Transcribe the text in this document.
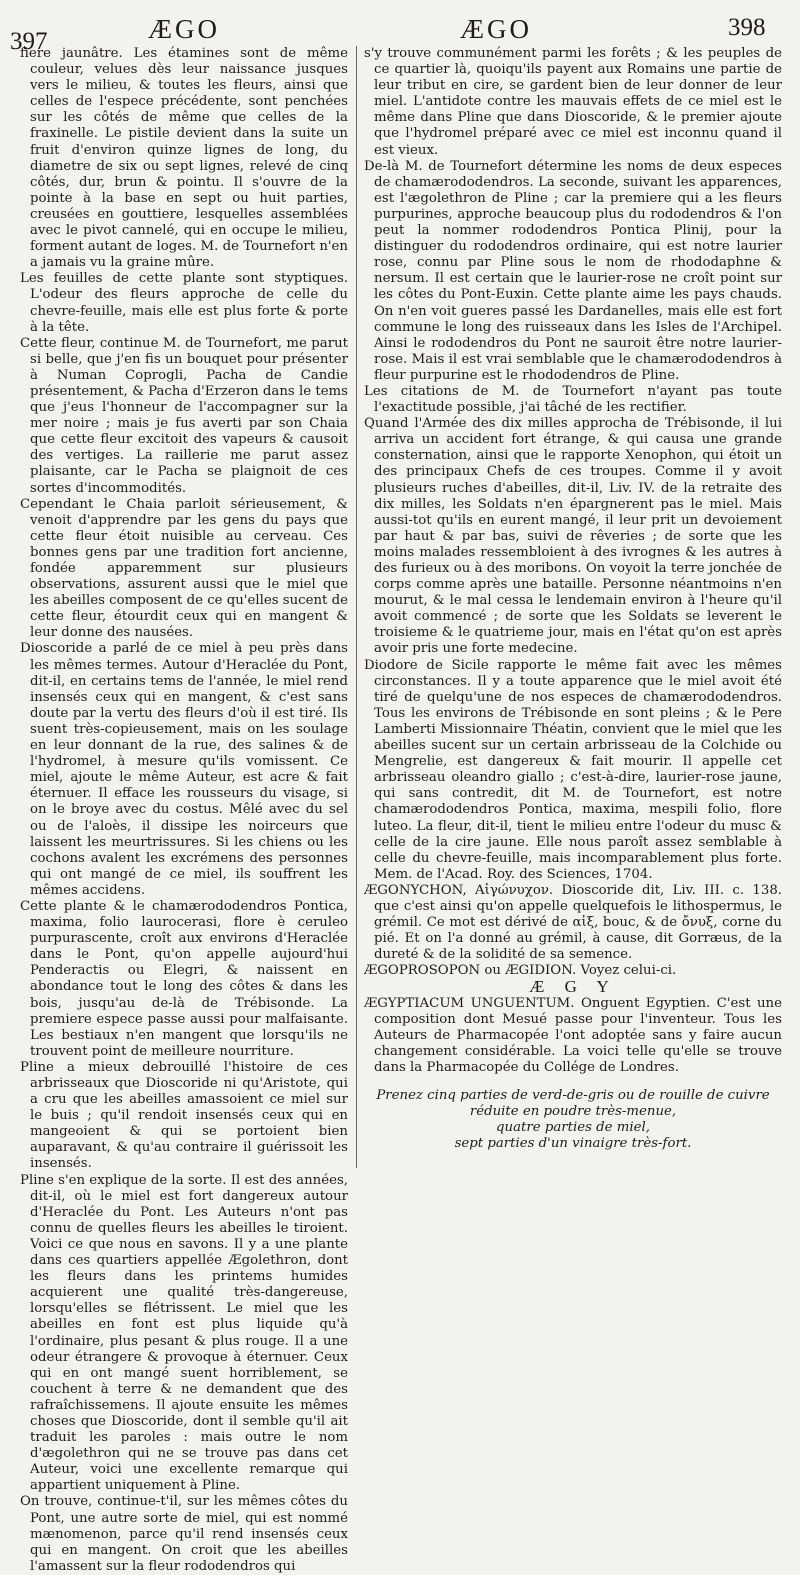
397	ÆGO	ÆGO	398

fiere jaunâtre. Les étamines sont de même couleur, velues dès leur naissance jusques vers le milieu, & toutes les fleurs, ainsi que celles de l'espece précédente, sont penchées sur les côtés de même que celles de la fraxinelle. Le pistile devient dans la suite un fruit d'environ quinze lignes de long, du diametre de six ou sept lignes, relevé de cinq côtés, dur, brun & pointu. Il s'ouvre de la pointe à la base en sept ou huit parties, creusées en gouttiere, lesquelles assemblées avec le pivot cannelé, qui en occupe le milieu, forment autant de loges. M. de Tournefort n'en a jamais vu la graine mûre.

Les feuilles de cette plante sont styptiques. L'odeur des fleurs approche de celle du chevre-feuille, mais elle est plus forte & porte à la tête.

Cette fleur, continue M. de Tournefort, me parut si belle, que j'en fis un bouquet pour présenter à Numan Coprogli, Pacha de Candie présentement, & Pacha d'Erzeron dans le tems que j'eus l'honneur de l'accompagner sur la mer noire ; mais je fus averti par son Chaia que cette fleur excitoit des vapeurs & causoit des vertiges. La raillerie me parut assez plaisante, car le Pacha se plaignoit de ces sortes d'incommodités.

Cependant le Chaia parloit sérieusement, & venoit d'apprendre par les gens du pays que cette fleur étoit nuisible au cerveau. Ces bonnes gens par une tradition fort ancienne, fondée apparemment sur plusieurs observations, assurent aussi que le miel que les abeilles composent de ce qu'elles sucent de cette fleur, étourdit ceux qui en mangent & leur donne des nausées.

Dioscoride a parlé de ce miel à peu près dans les mêmes termes. Autour d'Heraclée du Pont, dit-il, en certains tems de l'année, le miel rend insensés ceux qui en mangent, & c'est sans doute par la vertu des fleurs d'où il est tiré. Ils suent très-copieusement, mais on les soulage en leur donnant de la rue, des salines & de l'hydromel, à mesure qu'ils vomissent. Ce miel, ajoute le même Auteur, est acre & fait éternuer. Il efface les rousseurs du visage, si on le broye avec du costus. Mêlé avec du sel ou de l'aloès, il dissipe les noirceurs que laissent les meurtrissures. Si les chiens ou les cochons avalent les excrémens des personnes qui ont mangé de ce miel, ils souffrent les mêmes accidens.

Cette plante & le chamærododendros Pontica, maxima, folio laurocerasi, flore è ceruleo purpurascente, croît aux environs d'Heraclée dans le Pont, qu'on appelle aujourd'hui Penderactis ou Elegri, & naissent en abondance tout le long des côtes & dans les bois, jusqu'au de-là de Trébisonde. La premiere espece passe aussi pour malfaisante. Les bestiaux n'en mangent que lorsqu'ils ne trouvent point de meilleure nourriture.

Pline a mieux debrouillé l'histoire de ces arbrisseaux que Dioscoride ni qu'Aristote, qui a cru que les abeilles amassoient ce miel sur le buis ; qu'il rendoit insensés ceux qui en mangeoient & qui se portoient bien auparavant, & qu'au contraire il guérissoit les insensés.

Pline s'en explique de la sorte. Il est des années, dit-il, où le miel est fort dangereux autour d'Heraclée du Pont. Les Auteurs n'ont pas connu de quelles fleurs les abeilles le tiroient. Voici ce que nous en savons. Il y a une plante dans ces quartiers appellée Ægolethron, dont les fleurs dans les printems humides acquierent une qualité très-dangereuse, lorsqu'elles se flétrissent. Le miel que les abeilles en font est plus liquide qu'à l'ordinaire, plus pesant & plus rouge. Il a une odeur étrangere & provoque à éternuer. Ceux qui en ont mangé suent horriblement, se couchent à terre & ne demandent que des rafraîchissemens. Il ajoute ensuite les mêmes choses que Dioscoride, dont il semble qu'il ait traduit les paroles : mais outre le nom d'ægolethron qui ne se trouve pas dans cet Auteur, voici une excellente remarque qui appartient uniquement à Pline.

On trouve, continue-t'il, sur les mêmes côtes du Pont, une autre sorte de miel, qui est nommé mænomenon, parce qu'il rend insensés ceux qui en mangent. On croit que les abeilles l'amassent sur la fleur rododendros qui

s'y trouve communément parmi les forêts ; & les peuples de ce quartier là, quoiqu'ils payent aux Romains une partie de leur tribut en cire, se gardent bien de leur donner de leur miel. L'antidote contre les mauvais effets de ce miel est le même dans Pline que dans Dioscoride, & le premier ajoute que l'hydromel préparé avec ce miel est inconnu quand il est vieux.

De-là M. de Tournefort détermine les noms de deux especes de chamærododendros. La seconde, suivant les apparences, est l'ægolethron de Pline ; car la premiere qui a les fleurs purpurines, approche beaucoup plus du rododendros & l'on peut la nommer rododendros Pontica Plinij, pour la distinguer du rododendros ordinaire, qui est notre laurier rose, connu par Pline sous le nom de rhododaphne & nersum. Il est certain que le laurier-rose ne croît point sur les côtes du Pont-Euxin. Cette plante aime les pays chauds. On n'en voit gueres passé les Dardanelles, mais elle est fort commune le long des ruisseaux dans les Isles de l'Archipel. Ainsi le rododendros du Pont ne sauroit être notre laurier-rose. Mais il est vrai semblable que le chamærododendros à fleur purpurine est le rhododendros de Pline.

Les citations de M. de Tournefort n'ayant pas toute l'exactitude possible, j'ai tâché de les rectifier.

Quand l'Armée des dix milles approcha de Trébisonde, il lui arriva un accident fort étrange, & qui causa une grande consternation, ainsi que le rapporte Xenophon, qui étoit un des principaux Chefs de ces troupes. Comme il y avoit plusieurs ruches d'abeilles, dit-il, Liv. IV. de la retraite des dix milles, les Soldats n'en épargnerent pas le miel. Mais aussi-tot qu'ils en eurent mangé, il leur prit un devoiement par haut & par bas, suivi de rêveries ; de sorte que les moins malades ressembloient à des ivrognes & les autres à des furieux ou à des moribons. On voyoit la terre jonchée de corps comme après une bataille. Personne néantmoins n'en mourut, & le mal cessa le lendemain environ à l'heure qu'il avoit commencé ; de sorte que les Soldats se leverent le troisieme & le quatrieme jour, mais en l'état qu'on est après avoir pris une forte medecine.

Diodore de Sicile rapporte le même fait avec les mêmes circonstances. Il y a toute apparence que le miel avoit été tiré de quelqu'une de nos especes de chamærododendros. Tous les environs de Trébisonde en sont pleins ; & le Pere Lamberti Missionnaire Théatin, convient que le miel que les abeilles sucent sur un certain arbrisseau de la Colchide ou Mengrelie, est dangereux & fait mourir. Il appelle cet arbrisseau oleandro giallo ; c'est-à-dire, laurier-rose jaune, qui sans contredit, dit M. de Tournefort, est notre chamærododendros Pontica, maxima, mespili folio, flore luteo. La fleur, dit-il, tient le milieu entre l'odeur du musc & celle de la cire jaune. Elle nous paroît assez semblable à celle du chevre-feuille, mais incomparablement plus forte. Mem. de l'Acad. Roy. des Sciences, 1704.

ÆGONYCHON, Αἰγώνυχον. Dioscoride dit, Liv. III. c. 138. que c'est ainsi qu'on appelle quelquefois le lithospermus, le grémil. Ce mot est dérivé de αἰξ, bouc, & de ὄνυξ, corne du pié. Et on l'a donné au grémil, à cause, dit Gorræus, de la dureté & de la solidité de sa semence.

ÆGOPROSOPON ou ÆGIDION. Voyez celui-ci.

Æ G Y

ÆGYPTIACUM UNGUENTUM. Onguent Egyptien. C'est une composition dont Mesué passe pour l'inventeur. Tous les Auteurs de Pharmacopée l'ont adoptée sans y faire aucun changement considérable. La voici telle qu'elle se trouve dans la Pharmacopée du Collége de Londres.

Prenez cinq parties de verd-de-gris ou de rouille de cuivre réduite en poudre très-menue,

quatre parties de miel,

sept parties d'un vinaigre très-fort.
